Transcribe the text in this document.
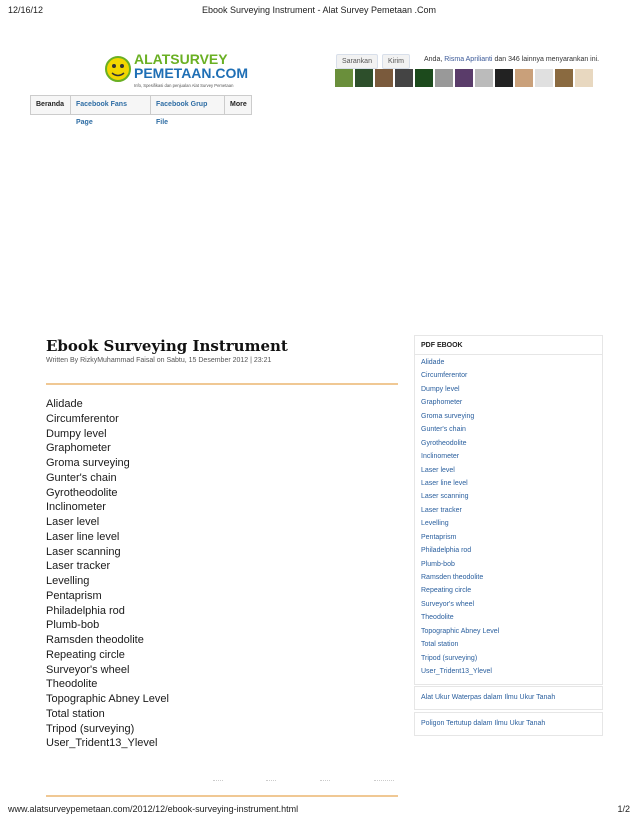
12/16/12	Ebook Surveying Instrument - Alat Survey Pemetaan .Com
ALATSURVEY
PEMETAAN.COM
Info, Spesifikasi dan penjualan Alat Survey Pemetaan
Sarankan	Kirim	Anda, Risma Aprilianti dan 346 lainnya menyarankan ini.
Beranda	Facebook Fans Page
Facebook Grup File
More
Ebook Surveying Instrument
Written By RizkyMuhammad Faisal on Sabtu, 15 Desember 2012 | 23:21
Alidade
Circumferentor
Dumpy level
Graphometer
Groma surveying
Gunter's chain
Gyrotheodolite
Inclinometer
Laser level
Laser line level
Laser scanning
Laser tracker
Levelling
Pentaprism
Philadelphia rod
Plumb-bob
Ramsden theodolite
Repeating circle
Surveyor's wheel
Theodolite
Topographic Abney Level
Total station
Tripod (surveying)
User_Trident13_Ylevel
PDF EBOOK
Alidade
Circumferentor
Dumpy level
Graphometer
Groma surveying
Gunter's chain
Gyrotheodolite
Inclinometer
Laser level
Laser line level
Laser scanning
Laser tracker
Levelling
Pentaprism
Philadelphia rod
Plumb-bob
Ramsden theodolite
Repeating circle
Surveyor's wheel
Theodolite
Topographic Abney Level
Total station
Tripod (surveying)
User_Trident13_Ylevel
Alat Ukur Waterpas dalam Ilmu Ukur Tanah
Poligon Tertutup dalam Ilmu Ukur Tanah
www.alatsurveypemetaan.com/2012/12/ebook-surveying-instrument.html	1/2
